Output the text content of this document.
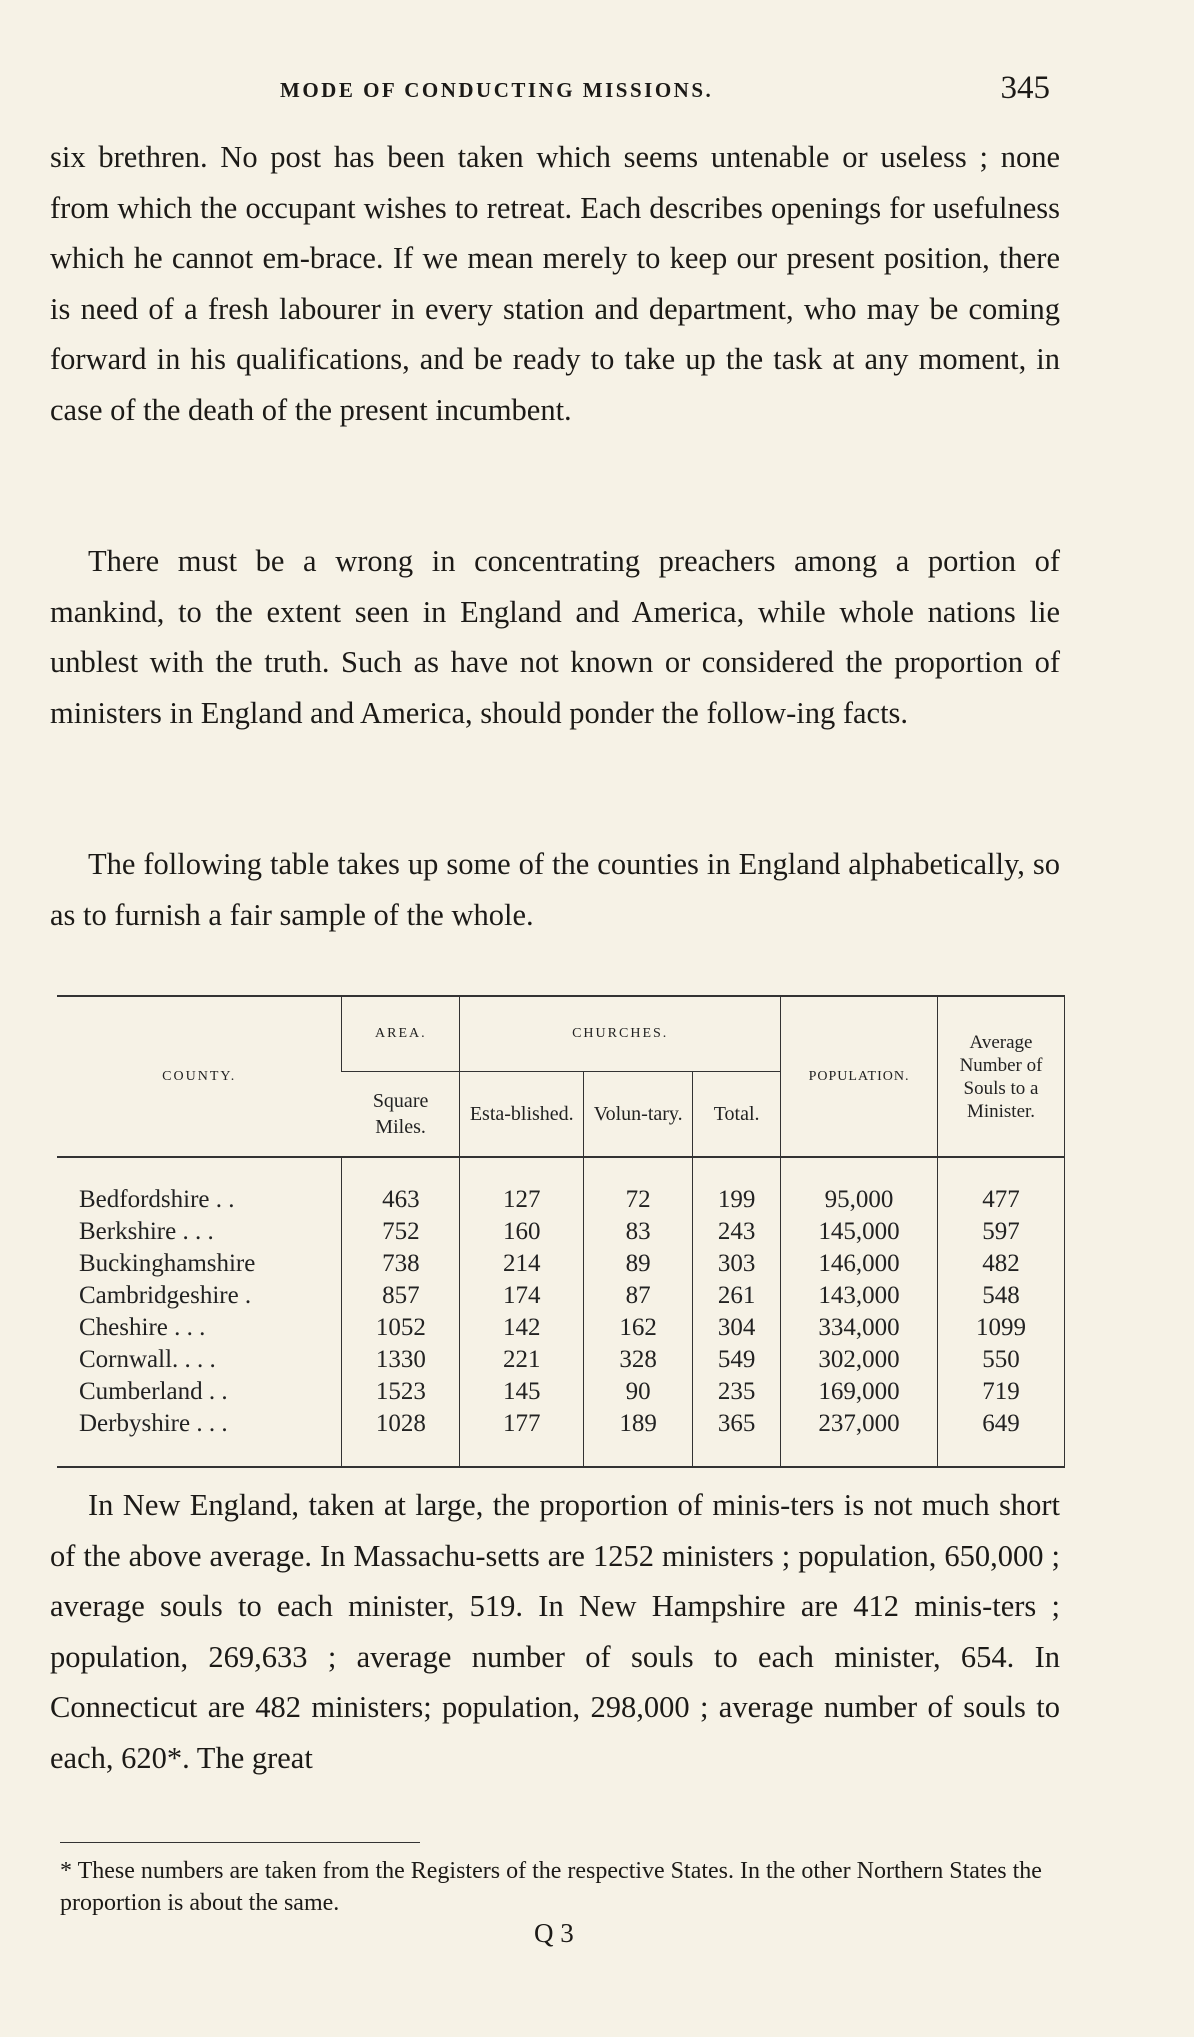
MODE OF CONDUCTING MISSIONS.	345

six brethren. No post has been taken which seems untenable or useless ; none from which the occupant wishes to retreat. Each describes openings for usefulness which he cannot em-brace. If we mean merely to keep our present position, there is need of a fresh labourer in every station and department, who may be coming forward in his qualifications, and be ready to take up the task at any moment, in case of the death of the present incumbent.

There must be a wrong in concentrating preachers among a portion of mankind, to the extent seen in England and America, while whole nations lie unblest with the truth. Such as have not known or considered the proportion of ministers in England and America, should ponder the follow-ing facts.

The following table takes up some of the counties in England alphabetically, so as to furnish a fair sample of the whole.

COUNTY.	AREA.	CHURCHES.			POPULATION.	Average Number of Souls to a Minister.
	Square Miles.	Esta-blished.	Volun-tary.	Total.		
Bedfordshire . .	463	127	72	199	95,000	477
Berkshire . . .	752	160	83	243	145,000	597
Buckinghamshire	738	214	89	303	146,000	482
Cambridgeshire .	857	174	87	261	143,000	548
Cheshire . . .	1052	142	162	304	334,000	1099
Cornwall. . . .	1330	221	328	549	302,000	550
Cumberland . .	1523	145	90	235	169,000	719
Derbyshire . . .	1028	177	189	365	237,000	649

In New England, taken at large, the proportion of minis-ters is not much short of the above average. In Massachu-setts are 1252 ministers ; population, 650,000 ; average souls to each minister, 519. In New Hampshire are 412 minis-ters ; population, 269,633 ; average number of souls to each minister, 654. In Connecticut are 482 ministers; population, 298,000 ; average number of souls to each, 620*. The great

* These numbers are taken from the Registers of the respective States. In the other Northern States the proportion is about the same.

Q 3
